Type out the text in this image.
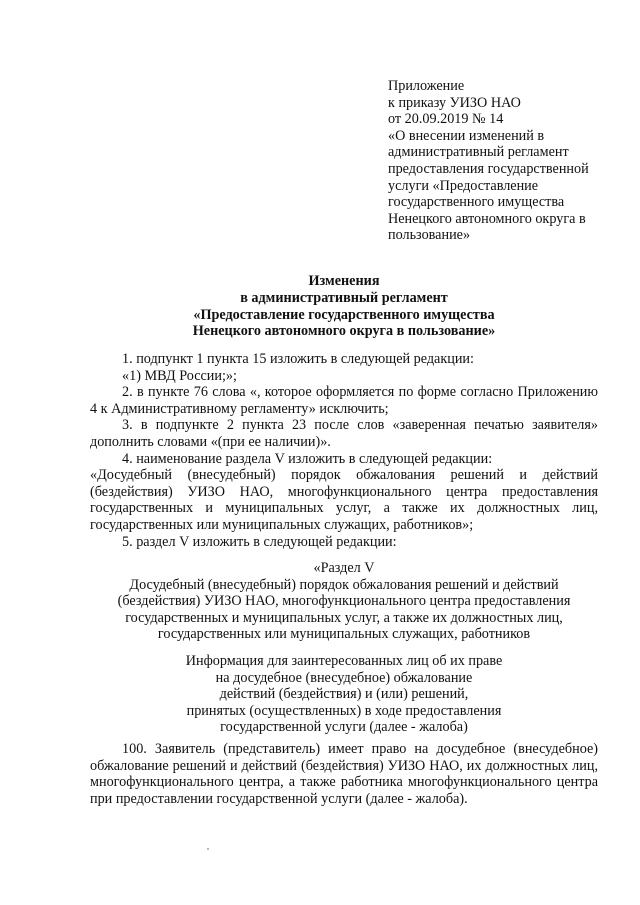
Приложение
к приказу УИЗО НАО
от 20.09.2019 № 14
«О внесении изменений в
административный регламент
предоставления государственной
услуги «Предоставление
государственного имущества
Ненецкого автономного округа в
пользование»
Изменения
в административный регламент
«Предоставление государственного имущества
Ненецкого автономного округа в пользование»
1. подпункт 1 пункта 15 изложить в следующей редакции:
«1) МВД России;»;
2. в пункте 76 слова «, которое оформляется по форме согласно Приложению 4 к Административному регламенту» исключить;
3. в подпункте 2 пункта 23 после слов «заверенная печатью заявителя» дополнить словами «(при ее наличии)».
4. наименование раздела V изложить в следующей редакции:
«Досудебный (внесудебный) порядок обжалования решений и действий (бездействия) УИЗО НАО, многофункционального центра предоставления государственных и муниципальных услуг, а также их должностных лиц, государственных или муниципальных служащих, работников»;
5. раздел V изложить в следующей редакции:
«Раздел V
Досудебный (внесудебный) порядок обжалования решений и действий
(бездействия) УИЗО НАО, многофункционального центра предоставления
государственных и муниципальных услуг, а также их должностных лиц,
государственных или муниципальных служащих, работников
Информация для заинтересованных лиц об их праве
на досудебное (внесудебное) обжалование
действий (бездействия) и (или) решений,
принятых (осуществленных) в ходе предоставления
государственной услуги (далее - жалоба)
100. Заявитель (представитель) имеет право на досудебное (внесудебное) обжалование решений и действий (бездействия) УИЗО НАО, их должностных лиц, многофункционального центра, а также работника многофункционального центра при предоставлении государственной услуги (далее - жалоба).
